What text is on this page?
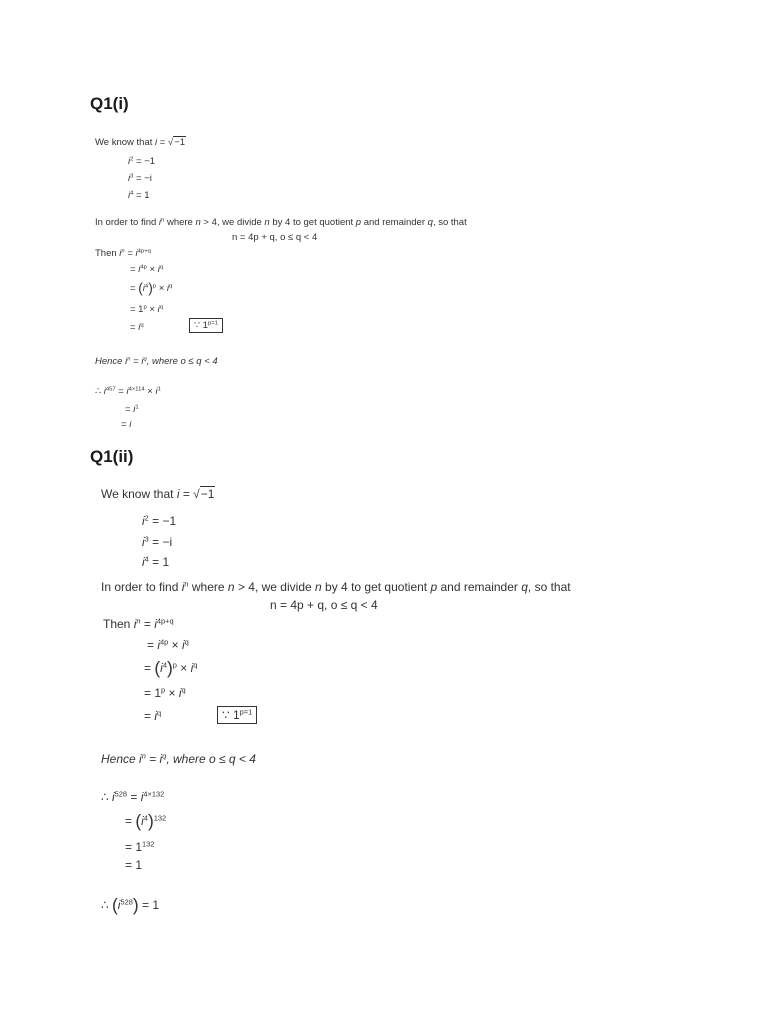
Q1(i)
We know that i = √−1
$i^2 = -1$
$i^3 = -i$
$i^4 = 1$
In order to find $i^n$ where n > 4, we divide n by 4 to get quotient p and remainder q, so that
n = 4p + q, o ≤ q < 4
Then $i^n = i^{4p+q}$
= $i^{4p} \times i^q$
= $(i^4)^p \times i^q$
= $1^p \times i^q$
= $i^q$	∵ $1^{p=1}$
Hence $i^n = i^q$, where o ≤ q < 4
∴ $i^{457} = i^{4\times 114} \times i^1$
= $i^1$
= i
Q1(ii)
We know that i = √−1
$i^2 = -1$
$i^3 = -i$
$i^4 = 1$
In order to find $i^n$ where n > 4, we divide n by 4 to get quotient p and remainder q, so that
n = 4p + q, o ≤ q < 4
Then $i^n = i^{4p+q}$
= $i^{4p} \times i^q$
= $(i^4)^p \times i^q$
= $1^p \times i^q$
= $i^q$	∵ $1^{p=1}$
Hence $i^n = i^q$, where o ≤ q < 4
∴ $i^{528} = i^{4\times 132}$
= $(i^4)^{132}$
= $1^{132}$
= 1
∴ $(i^{528}) = 1$
